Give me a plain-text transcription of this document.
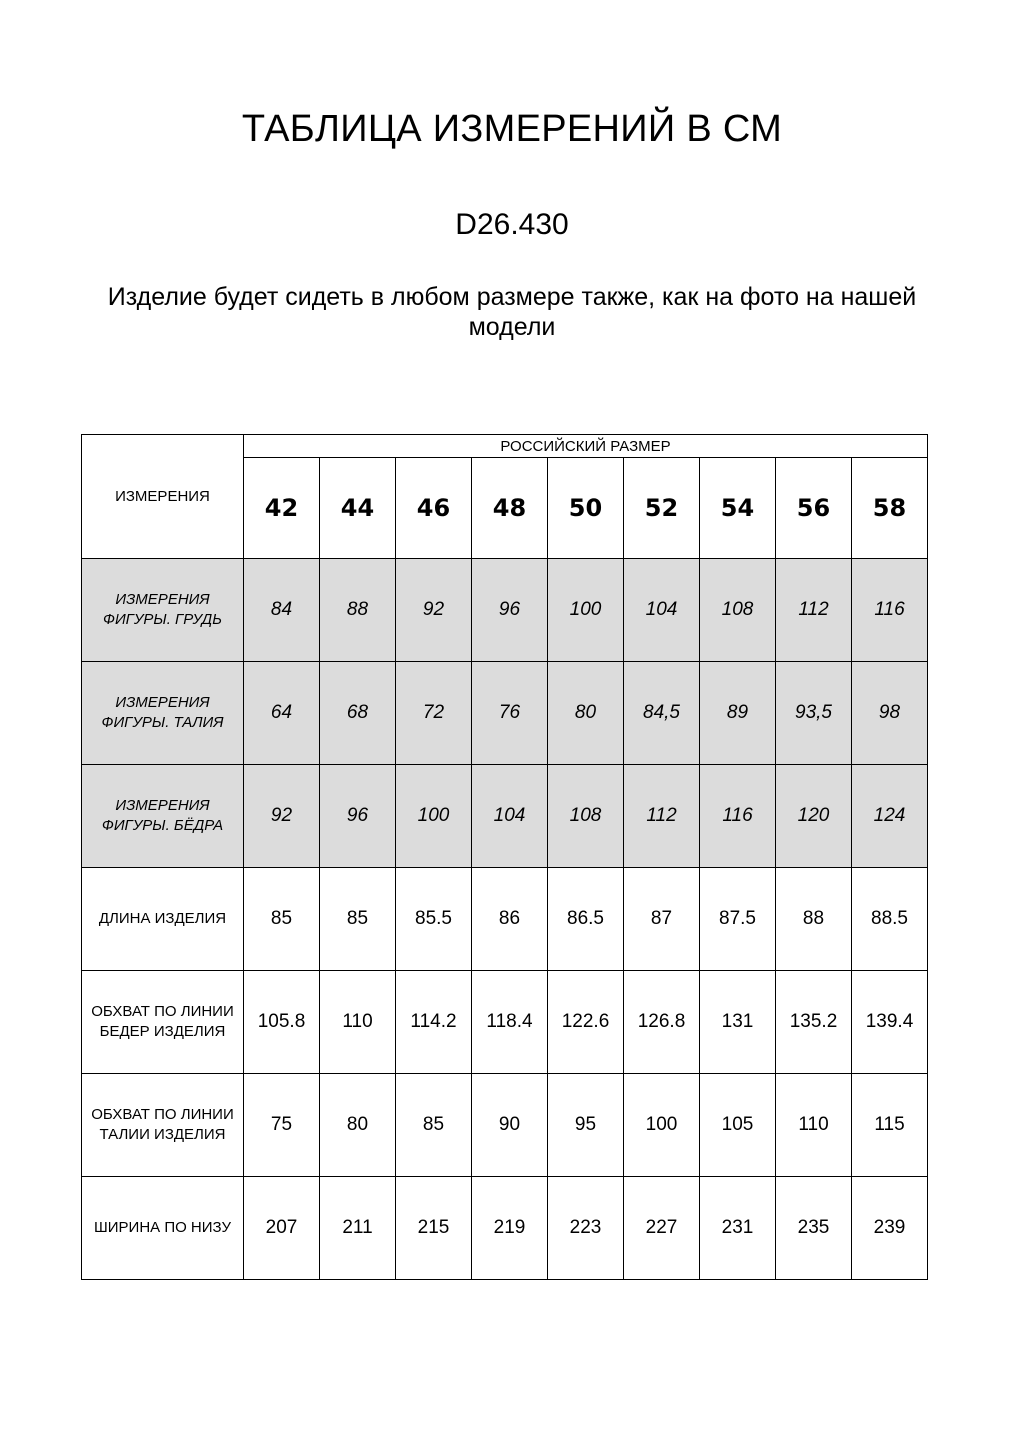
ТАБЛИЦА ИЗМЕРЕНИЙ В СМ
D26.430
Изделие будет сидеть в любом размере также, как на фото на нашей модели
ИЗМЕРЕНИЯ	РОССИЙСКИЙ РАЗМЕР								
	42	44	46	48	50	52	54	56	58
ИЗМЕРЕНИЯ ФИГУРЫ. ГРУДЬ	84	88	92	96	100	104	108	112	116
ИЗМЕРЕНИЯ ФИГУРЫ. ТАЛИЯ	64	68	72	76	80	84,5	89	93,5	98
ИЗМЕРЕНИЯ ФИГУРЫ. БЁДРА	92	96	100	104	108	112	116	120	124
ДЛИНА ИЗДЕЛИЯ	85	85	85.5	86	86.5	87	87.5	88	88.5
ОБХВАТ ПО ЛИНИИ БЕДЕР ИЗДЕЛИЯ	105.8	110	114.2	118.4	122.6	126.8	131	135.2	139.4
ОБХВАТ ПО ЛИНИИ ТАЛИИ ИЗДЕЛИЯ	75	80	85	90	95	100	105	110	115
ШИРИНА ПО НИЗУ	207	211	215	219	223	227	231	235	239
